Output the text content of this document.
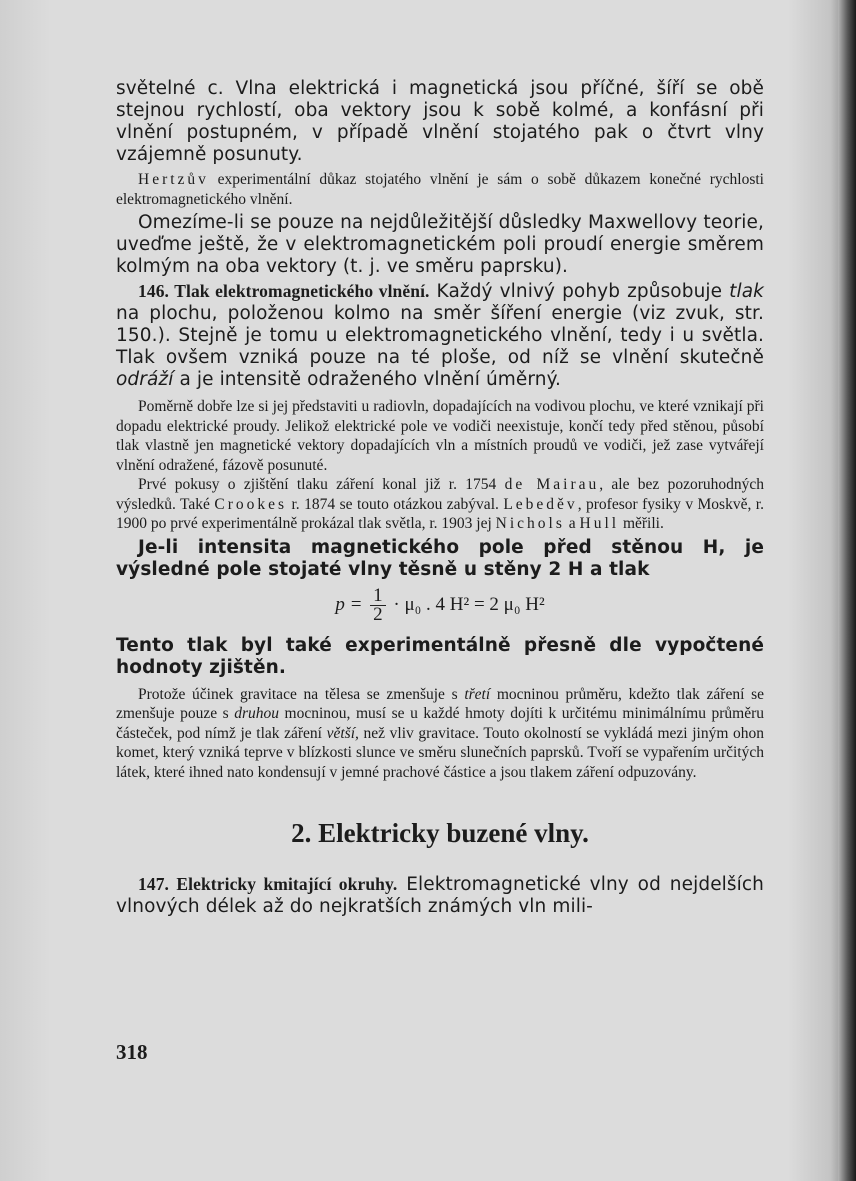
světelné c. Vlna elektrická i magnetická jsou příčné, šíří se obě stejnou rychlostí, oba vektory jsou k sobě kolmé, a konfásní při vlnění postupném, v případě vlnění stojatého pak o čtvrt vlny vzájemně posunuty.

Hertzův experimentální důkaz stojatého vlnění je sám o sobě důkazem konečné rychlosti elektromagnetického vlnění.

Omezíme-li se pouze na nejdůležitější důsledky Maxwellovy teorie, uveďme ještě, že v elektromagnetickém poli proudí energie směrem kolmým na oba vektory (t. j. ve směru paprsku).

146. Tlak elektromagnetického vlnění. Každý vlnivý pohyb způsobuje tlak na plochu, položenou kolmo na směr šíření energie (viz zvuk, str. 150.). Stejně je tomu u elektromagnetického vlnění, tedy i u světla. Tlak ovšem vzniká pouze na té ploše, od níž se vlnění skutečně odráží a je intensitě odraženého vlnění úměrný.

Poměrně dobře lze si jej představiti u radiovln, dopadajících na vodivou plochu, ve které vznikají při dopadu elektrické proudy. Jelikož elektrické pole ve vodiči neexistuje, končí tedy před stěnou, působí tlak vlastně jen magnetické vektory dopadajících vln a místních proudů ve vodiči, jež zase vytvářejí vlnění odražené, fázově posunuté.

Prvé pokusy o zjištění tlaku záření konal již r. 1754 de Mairau, ale bez pozoruhodných výsledků. Také Crookes r. 1874 se touto otázkou zabýval. Lebeděv, profesor fysiky v Moskvě, r. 1900 po prvé experimentálně prokázal tlak světla, r. 1903 jej Nichols a Hull měřili.

Je-li intensita magnetického pole před stěnou H, je výsledné pole stojaté vlny těsně u stěny 2 H a tlak

$p = \frac{1}{2} \cdot \mu_0$ . 4 H² = 2 μ₀ H²

Tento tlak byl také experimentálně přesně dle vypočtené hodnoty zjištěn.

Protože účinek gravitace na tělesa se zmenšuje s třetí mocninou průměru, kdežto tlak záření se zmenšuje pouze s druhou mocninou, musí se u každé hmoty dojíti k určitému minimálnímu průměru částeček, pod nímž je tlak záření větší, než vliv gravitace. Touto okolností se vykládá mezi jiným ohon komet, který vzniká teprve v blízkosti slunce ve směru slunečních paprsků. Tvoří se vypařením určitých látek, které ihned nato kondensují v jemné prachové částice a jsou tlakem záření odpuzovány.

2. Elektricky buzené vlny.

147. Elektricky kmitající okruhy. Elektromagnetické vlny od nejdelších vlnových délek až do nejkratších známých vln mili-

318
